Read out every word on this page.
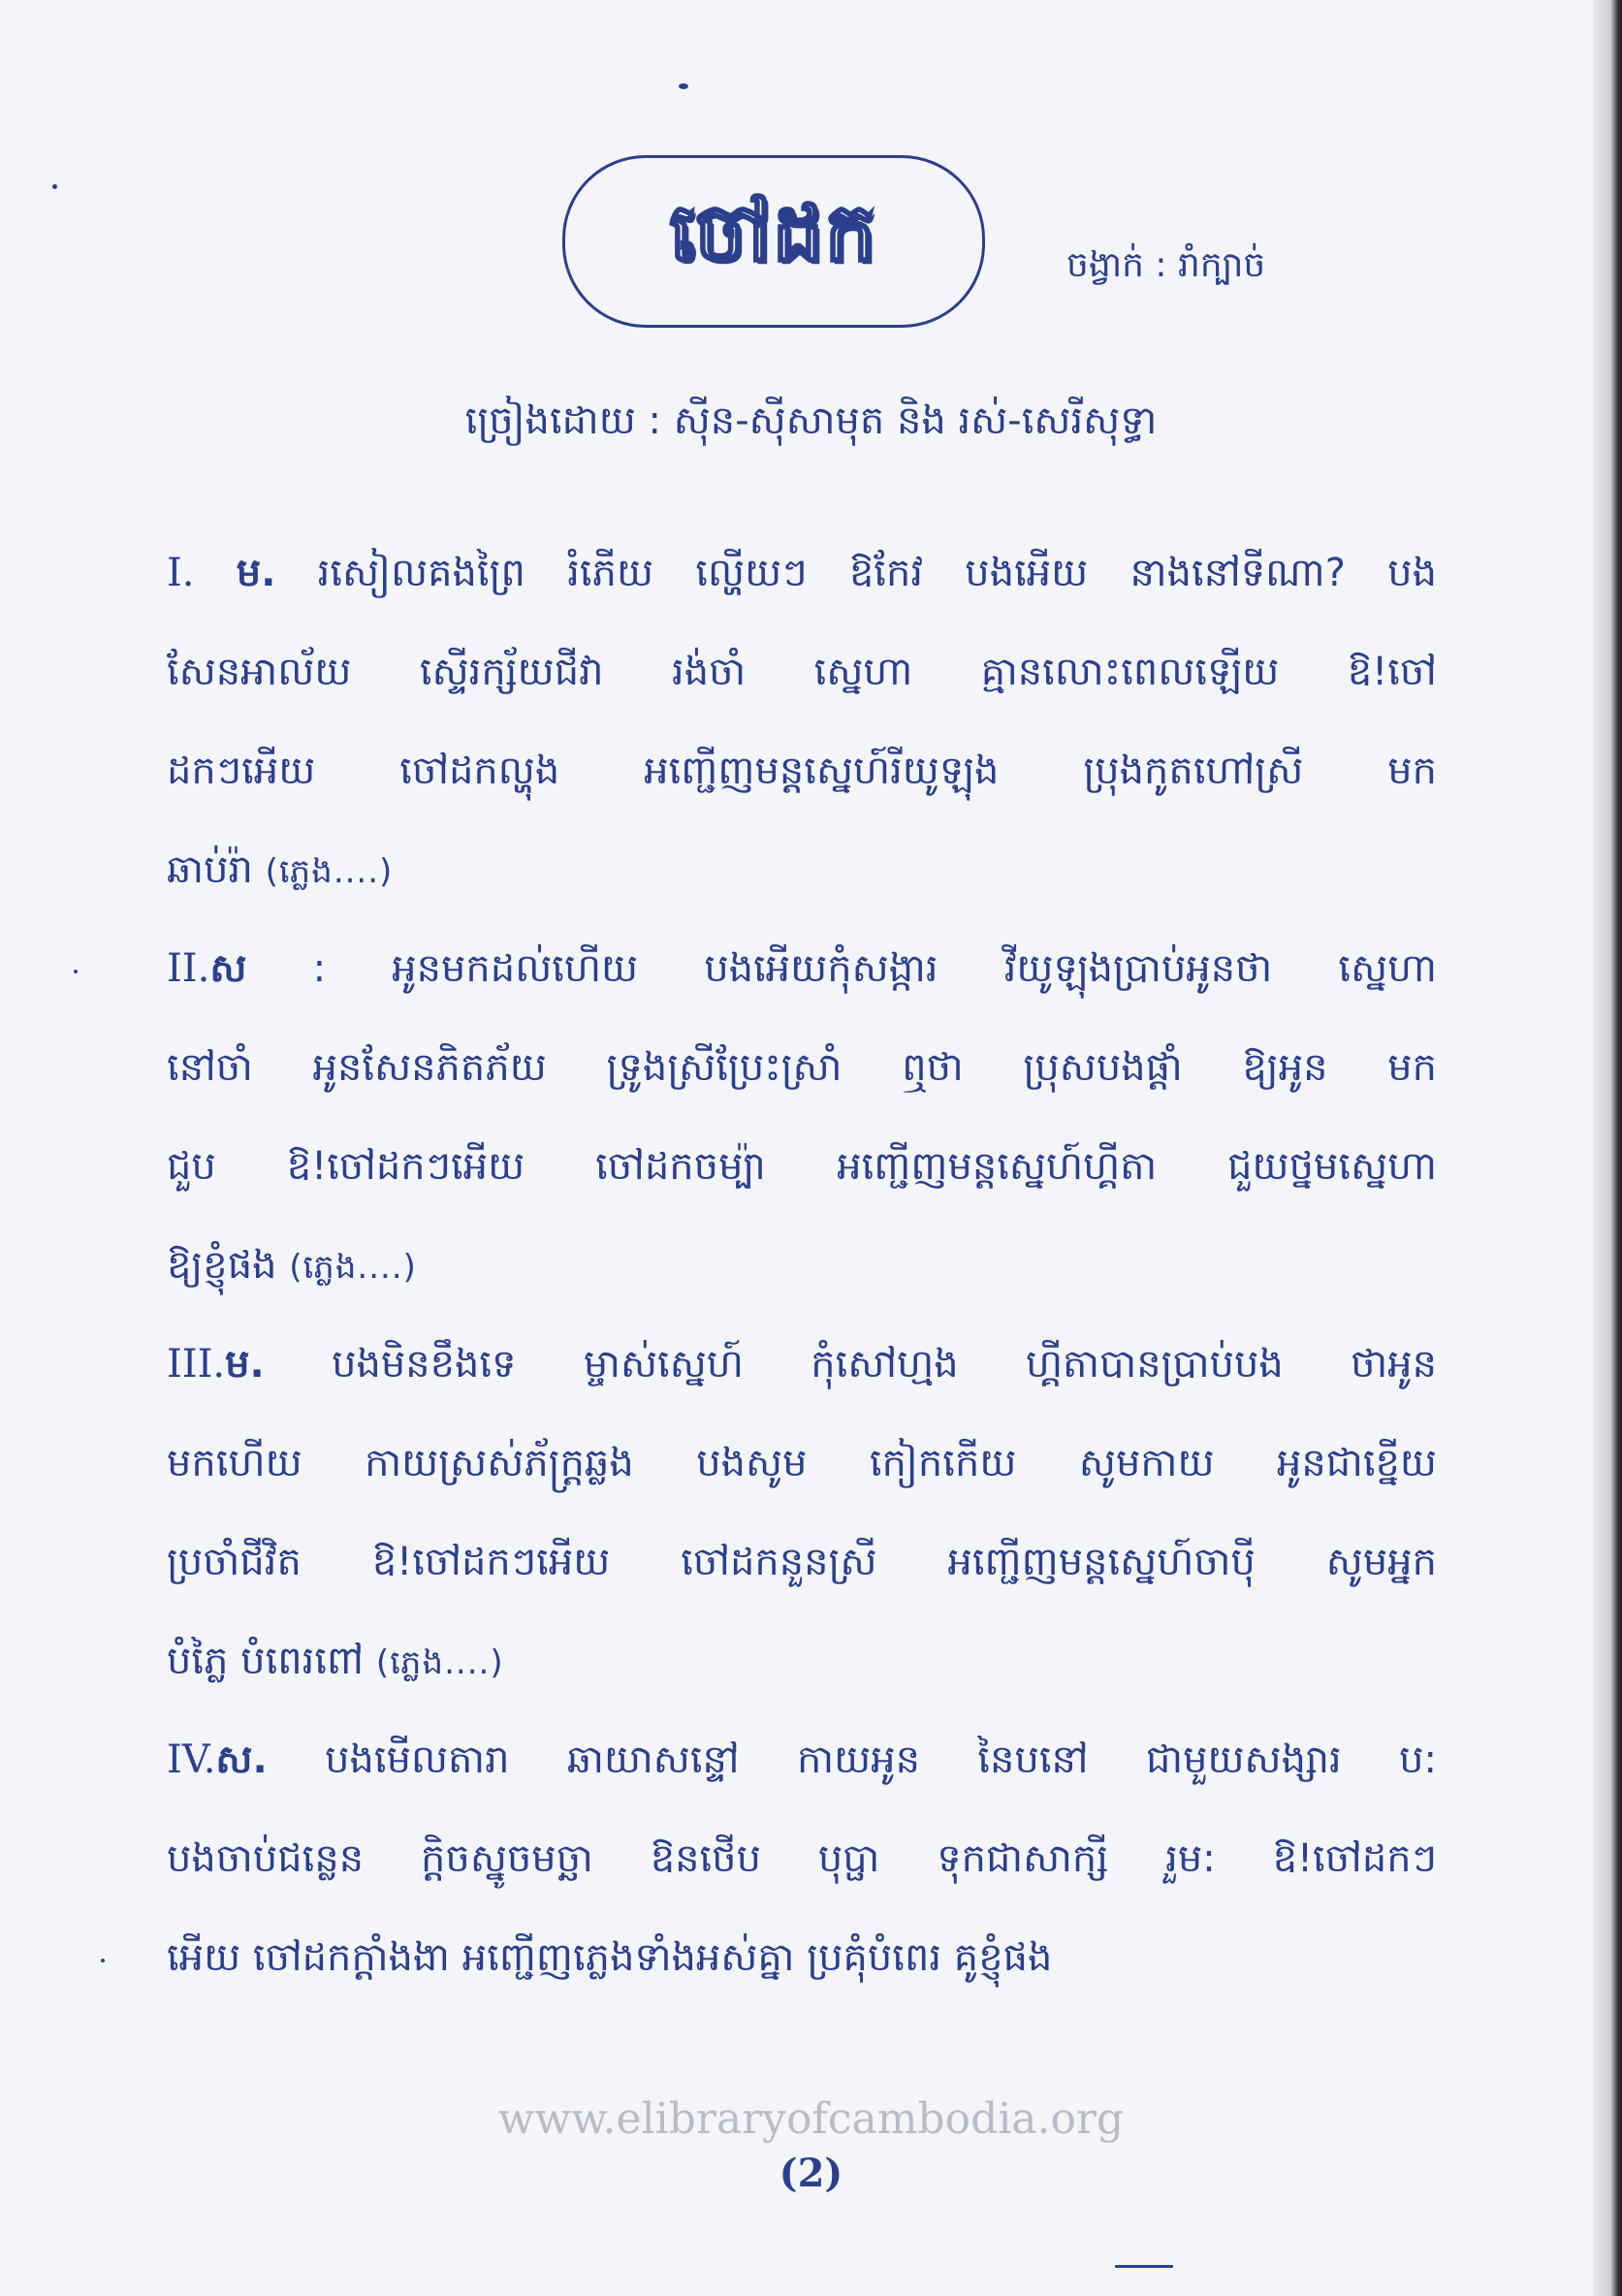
ចៅដក	ចង្វាក់ : រាំក្បាច់
ច្រៀងដោយ : ស៊ីន-ស៊ីសាមុត និង រស់-សេរីសុទ្ធា
I. ម. រសៀលគងព្រៃ រំភើយ ល្ហើយៗ ឱកែវ បងអើយ នាងនៅទីណា? បង
សែនអាល័យ ស្ទើរក្ស័យជីវា រង់ចាំ ស្នេហា គ្មានលោះពេលឡើយ ឱ!ចៅ
ដកៗអើយ ចៅដកល្ហុង អញ្ជើញមន្តស្នេហ៍រីយូឡុង ប្រុងកូតហៅស្រី មក
ឆាប់រ៉ា (ភ្លេង....)
II.ស : អូនមកដល់ហើយ បងអើយកុំសង្ការ វីយូឡុងប្រាប់អូនថា ស្នេហា
នៅចាំ អូនសែនភិតភ័យ ទ្រូងស្រីប្រែះស្រាំ ឮថា ប្រុសបងផ្តាំ ឱ្យអូន មក
ជួប ឱ!ចៅដកៗអើយ ចៅដកចម្ប៉ា អញ្ជើញមន្តស្នេហ៍ហ្គីតា ជួយថ្នមស្នេហា
ឱ្យខ្ញុំផង (ភ្លេង....)
III.ម. បងមិនខឹងទេ ម្ចាស់ស្នេហ៍ កុំសៅហ្មង ហ្គីតាបានប្រាប់បង ថាអូន
មកហើយ កាយស្រស់ភ័ក្ត្រឆ្លង បងសូម កៀកកើយ សូមកាយ អូនជាខ្នើយ
ប្រចាំជីវិត ឱ!ចៅដកៗអើយ ចៅដកនួនស្រី អញ្ជើញមន្តស្នេហ៍ចាប៉ី សូមអ្នក
បំភ្លៃ បំពេរពៅ (ភ្លេង....)
IV.ស. បងមើលតារា ឆាយាសន្ទៅ កាយអូន នៃបនៅ ជាមួយសង្សារ ប:
បងចាប់ជន្លេន ក្តិចស្នូចមច្ឆា ឱនថើប បុប្ផា ទុកជាសាក្សី រួម: ឱ!ចៅដកៗ
អើយ ចៅដកក្តាំងងា អញ្ជើញភ្លេងទាំងអស់គ្នា ប្រគុំបំពេរ គូខ្ញុំផង
www.elibraryofcambodia.org
(2)
